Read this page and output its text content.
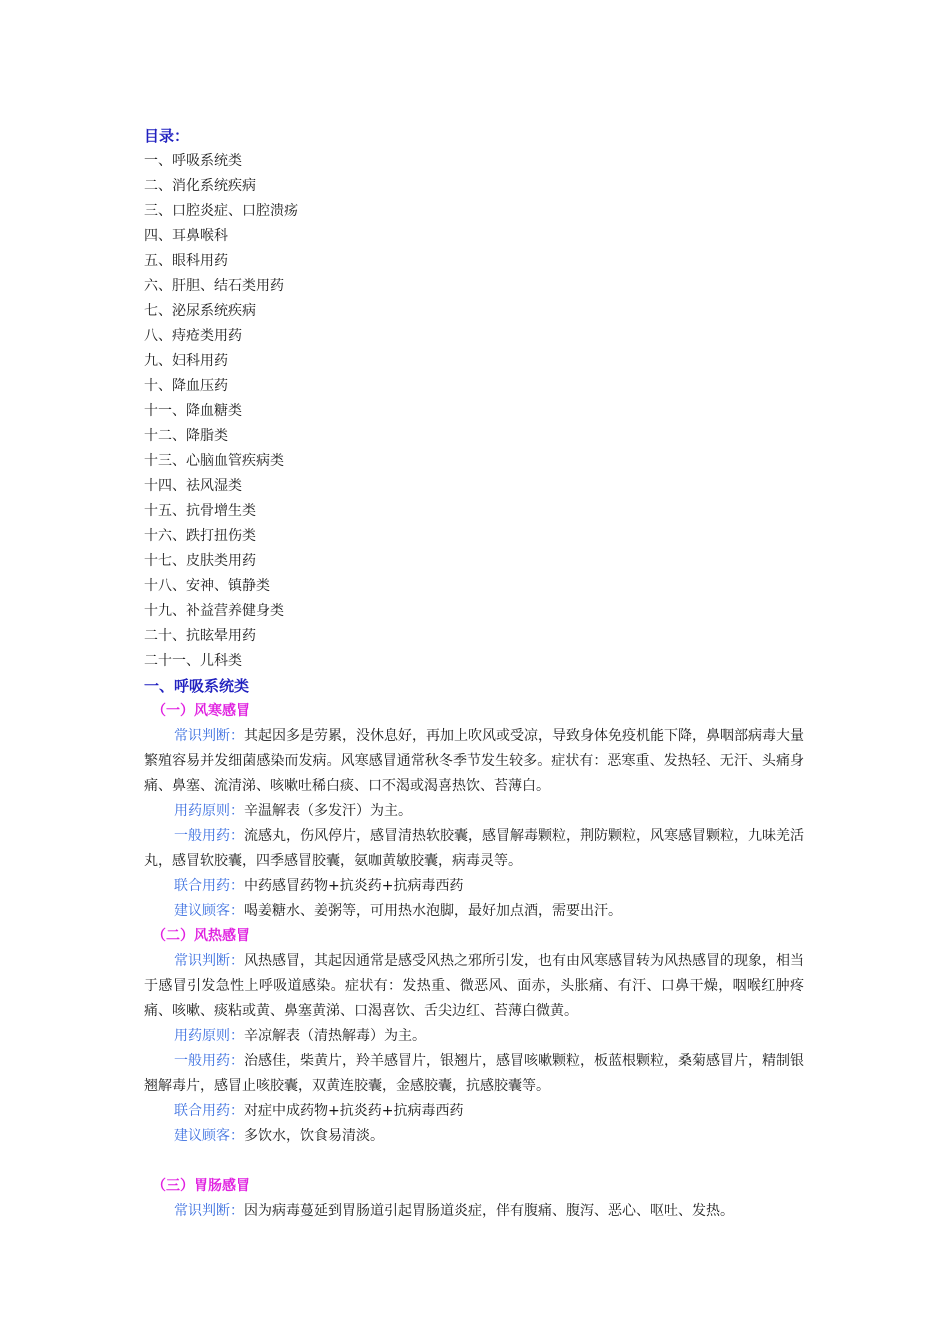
目录：
一、呼吸系统类
二、消化系统疾病
三、口腔炎症、口腔溃疡
四、耳鼻喉科
五、眼科用药
六、肝胆、结石类用药
七、泌尿系统疾病
八、痔疮类用药
九、妇科用药
十、降血压药
十一、降血糖类
十二、降脂类
十三、心脑血管疾病类
十四、祛风湿类
十五、抗骨增生类
十六、跌打扭伤类
十七、皮肤类用药
十八、安神、镇静类
十九、补益营养健身类
二十、抗眩晕用药
二十一、儿科类
一、呼吸系统类
（一）风寒感冒
常识判断：其起因多是劳累，没休息好，再加上吹风或受凉，导致身体免疫机能下降，鼻咽部病毒大量繁殖容易并发细菌感染而发病。风寒感冒通常秋冬季节发生较多。症状有：恶寒重、发热轻、无汗、头痛身痛、鼻塞、流清涕、咳嗽吐稀白痰、口不渴或渴喜热饮、苔薄白。
用药原则：辛温解表（多发汗）为主。
一般用药：流感丸，伤风停片，感冒清热软胶囊，感冒解毒颗粒，荆防颗粒，风寒感冒颗粒，九味羌活丸，感冒软胶囊，四季感冒胶囊，氨咖黄敏胶囊，病毒灵等。
联合用药：中药感冒药物+抗炎药+抗病毒西药
建议顾客：喝姜糖水、姜粥等，可用热水泡脚，最好加点酒，需要出汗。
（二）风热感冒
常识判断：风热感冒，其起因通常是感受风热之邪所引发，也有由风寒感冒转为风热感冒的现象，相当于感冒引发急性上呼吸道感染。症状有：发热重、微恶风、面赤，头胀痛、有汗、口鼻干燥，咽喉红肿疼痛、咳嗽、痰粘或黄、鼻塞黄涕、口渴喜饮、舌尖边红、苔薄白微黄。
用药原则：辛凉解表（清热解毒）为主。
一般用药：治感佳，柴黄片，羚羊感冒片，银翘片，感冒咳嗽颗粒，板蓝根颗粒，桑菊感冒片，精制银翘解毒片，感冒止咳胶囊，双黄连胶囊，金感胶囊，抗感胶囊等。
联合用药：对症中成药物+抗炎药+抗病毒西药
建议顾客：多饮水，饮食易清淡。
（三）胃肠感冒
常识判断：因为病毒蔓延到胃肠道引起胃肠道炎症，伴有腹痛、腹泻、恶心、呕吐、发热。
